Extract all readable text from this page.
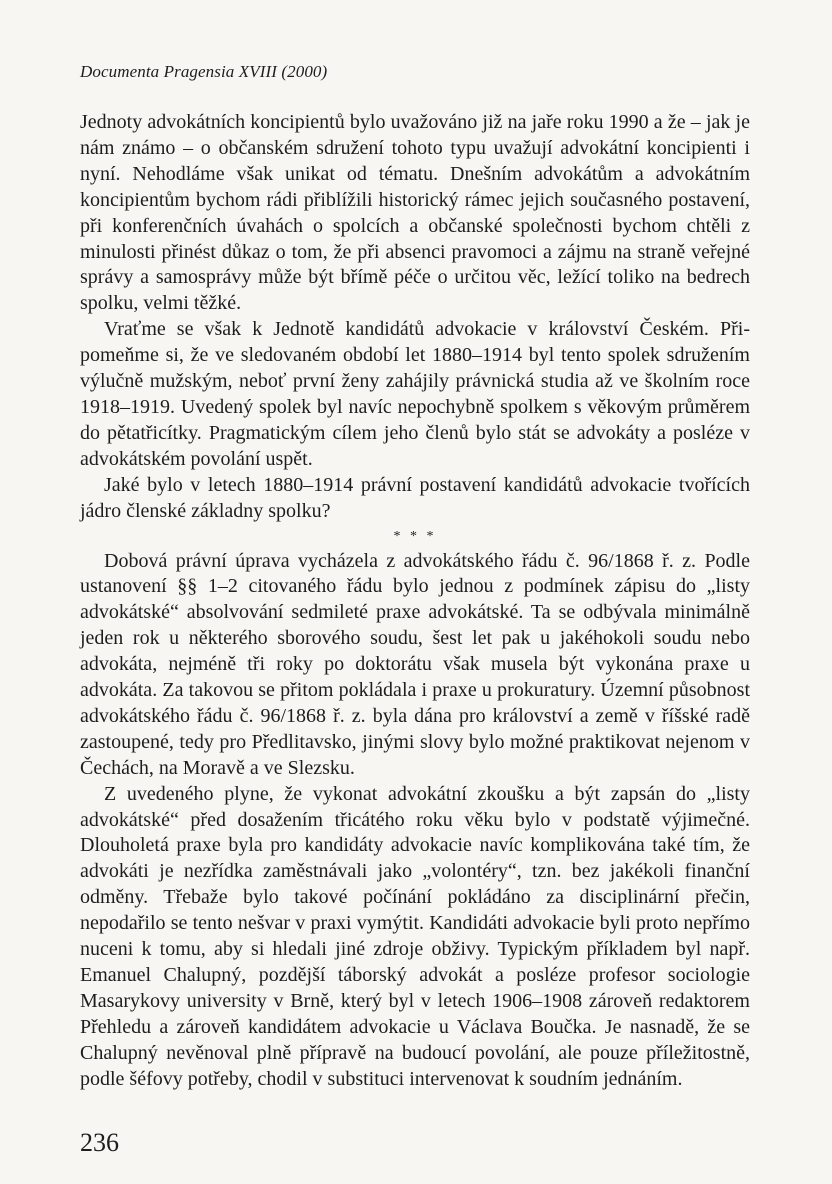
Documenta Pragensia XVIII (2000)

Jednoty advokátních koncipientů bylo uvažováno již na jaře roku 1990 a že – jak je nám známo – o občanském sdružení tohoto typu uvažují advokátní koncipienti i nyní. Nehodláme však unikat od tématu. Dnešním advokátům a advokátním koncipientům bychom rádi přiblížili historický rámec jejich současného postavení, při konferenčních úvahách o spolcích a občanské společnosti bychom chtěli z minulosti přinést důkaz o tom, že při absenci pravomoci a zájmu na straně veřejné správy a samosprávy může být břímě péče o určitou věc, ležící toliko na bedrech spolku, velmi těžké.

Vraťme se však k Jednotě kandidátů advokacie v království Českém. Připomeňme si, že ve sledovaném období let 1880–1914 byl tento spolek sdružením výlučně mužským, neboť první ženy zahájily právnická studia až ve školním roce 1918–1919. Uvedený spolek byl navíc nepochybně spolkem s věkovým průměrem do pětatřicítky. Pragmatickým cílem jeho členů bylo stát se advokáty a posléze v advokátském povolání uspět.

Jaké bylo v letech 1880–1914 právní postavení kandidátů advokacie tvořících jádro členské základny spolku?

* * *

Dobová právní úprava vycházela z advokátského řádu č. 96/1868 ř. z. Podle ustanovení §§ 1–2 citovaného řádu bylo jednou z podmínek zápisu do „listy advokátské“ absolvování sedmileté praxe advokátské. Ta se odbývala minimálně jeden rok u některého sborového soudu, šest let pak u jakéhokoli soudu nebo advokáta, nejméně tři roky po doktorátu však musela být vykonána praxe u advokáta. Za takovou se přitom pokládala i praxe u prokuratury. Územní působnost advokátského řádu č. 96/1868 ř. z. byla dána pro království a země v říšské radě zastoupené, tedy pro Předlitavsko, jinými slovy bylo možné praktikovat nejenom v Čechách, na Moravě a ve Slezsku.

Z uvedeného plyne, že vykonat advokátní zkoušku a být zapsán do „listy advokátské“ před dosažením třicátého roku věku bylo v podstatě výjimečné. Dlouholetá praxe byla pro kandidáty advokacie navíc komplikována také tím, že advokáti je nezřídka zaměstnávali jako „volontéry“, tzn. bez jakékoli finanční odměny. Třebaže bylo takové počínání pokládáno za disciplinární přečin, nepodařilo se tento nešvar v praxi vymýtit. Kandidáti advokacie byli proto nepřímo nuceni k tomu, aby si hledali jiné zdroje obživy. Typickým příkladem byl např. Emanuel Chalupný, pozdější táborský advokát a posléze profesor sociologie Masarykovy university v Brně, který byl v letech 1906–1908 zároveň redaktorem Přehledu a zároveň kandidátem advokacie u Václava Boučka. Je nasnadě, že se Chalupný nevěnoval plně přípravě na budoucí povolání, ale pouze příležitostně, podle šéfovy potřeby, chodil v substituci intervenovat k soudním jednáním.

236
